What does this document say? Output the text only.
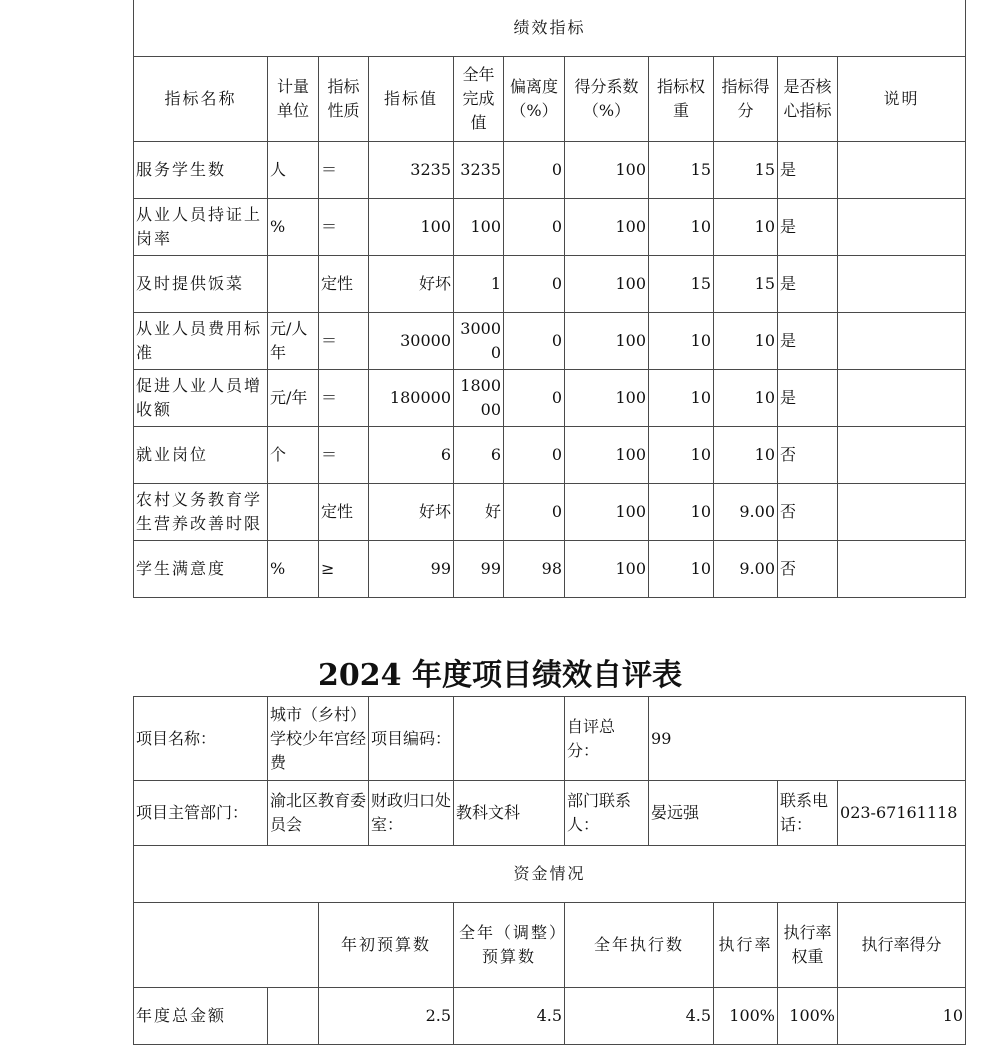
绩效指标										
指标名称	计量单位	指标性质	指标值	全年完成值	偏离度（%）	得分系数（%）	指标权重	指标得分	是否核心指标	说明
服务学生数	人	＝	3235	3235	0	100	15	15	是	
从业人员持证上岗率	%	＝	100	100	0	100	10	10	是	
及时提供饭菜		定性	好坏	1	0	100	15	15	是	
从业人员费用标准	元/人年	＝	30000	30000	0	100	10	10	是	
促进人业人员增收额	元/年	＝	180000	180000	0	100	10	10	是	
就业岗位	个	＝	6	6	0	100	10	10	否	
农村义务教育学生营养改善时限		定性	好坏	好	0	100	10	9.00	否	
学生满意度	%	≥	99	99	98	100	10	9.00	否	
2024 年度项目绩效自评表
项目名称：	城市（乡村）学校少年宫经费		项目编码：		自评总分：	99			
项目主管部门：	渝北区教育委员会		财政归口处室：	教科文科	部门联系人：	晏远强		联系电话：	023-67161118
资金情况									
		年初预算数		全年（调整）预算数	全年执行数		执行率	执行率权重	执行率得分
年度总金额		2.5		4.5	4.5		100%	100%	10
